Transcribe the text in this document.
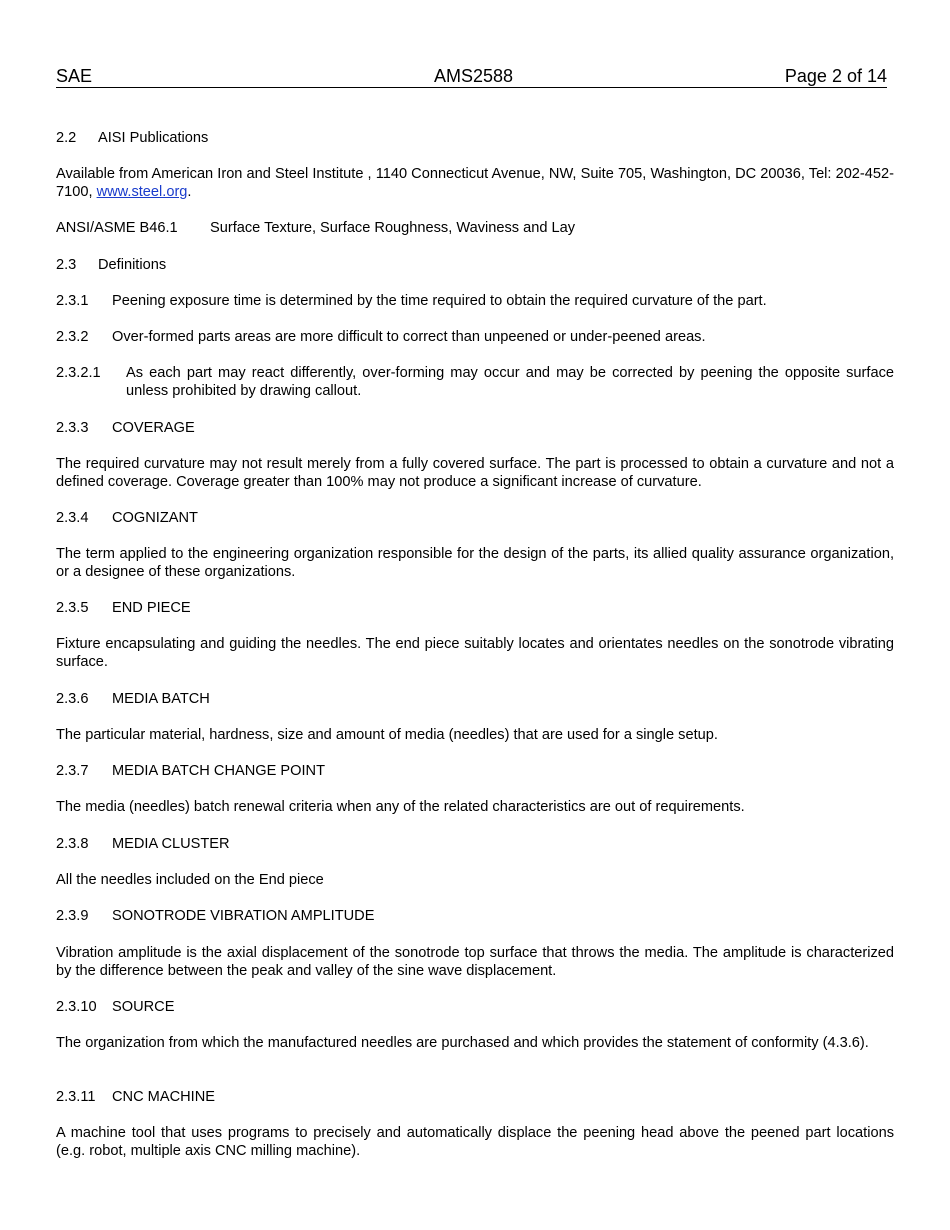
SAE	AMS2588	Page 2 of 14
2.2 AISI Publications
Available from American Iron and Steel Institute , 1140 Connecticut Avenue, NW, Suite 705, Washington, DC 20036, Tel: 202-452-7100, www.steel.org.
ANSI/ASME B46.1 Surface Texture, Surface Roughness, Waviness and Lay
2.3 Definitions
2.3.1 Peening exposure time is determined by the time required to obtain the required curvature of the part.
2.3.2 Over-formed parts areas are more difficult to correct than unpeened or under-peened areas.
2.3.2.1 As each part may react differently, over-forming may occur and may be corrected by peening the opposite surface unless prohibited by drawing callout.
2.3.3 COVERAGE
The required curvature may not result merely from a fully covered surface. The part is processed to obtain a curvature and not a defined coverage. Coverage greater than 100% may not produce a significant increase of curvature.
2.3.4 COGNIZANT
The term applied to the engineering organization responsible for the design of the parts, its allied quality assurance organization, or a designee of these organizations.
2.3.5 END PIECE
Fixture encapsulating and guiding the needles. The end piece suitably locates and orientates needles on the sonotrode vibrating surface.
2.3.6 MEDIA BATCH
The particular material, hardness, size and amount of media (needles) that are used for a single setup.
2.3.7 MEDIA BATCH CHANGE POINT
The media (needles) batch renewal criteria when any of the related characteristics are out of requirements.
2.3.8 MEDIA CLUSTER
All the needles included on the End piece
2.3.9 SONOTRODE VIBRATION AMPLITUDE
Vibration amplitude is the axial displacement of the sonotrode top surface that throws the media. The amplitude is characterized by the difference between the peak and valley of the sine wave displacement.
2.3.10 SOURCE
The organization from which the manufactured needles are purchased and which provides the statement of conformity (4.3.6).
2.3.11 CNC MACHINE
A machine tool that uses programs to precisely and automatically displace the peening head above the peened part locations (e.g. robot, multiple axis CNC milling machine).
